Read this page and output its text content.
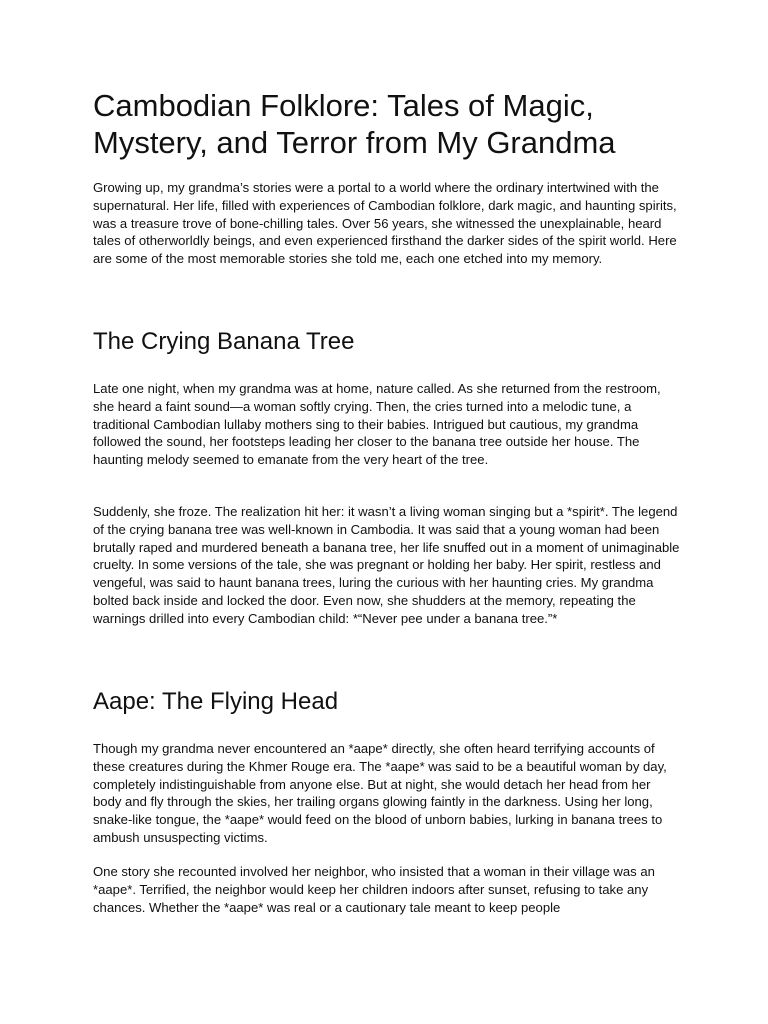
Cambodian Folklore: Tales of Magic, Mystery, and Terror from My Grandma

Growing up, my grandma’s stories were a portal to a world where the ordinary intertwined with the supernatural. Her life, filled with experiences of Cambodian folklore, dark magic, and haunting spirits, was a treasure trove of bone-chilling tales. Over 56 years, she witnessed the unexplainable, heard tales of otherworldly beings, and even experienced firsthand the darker sides of the spirit world. Here are some of the most memorable stories she told me, each one etched into my memory.

The Crying Banana Tree

Late one night, when my grandma was at home, nature called. As she returned from the restroom, she heard a faint sound—a woman softly crying. Then, the cries turned into a melodic tune, a traditional Cambodian lullaby mothers sing to their babies. Intrigued but cautious, my grandma followed the sound, her footsteps leading her closer to the banana tree outside her house. The haunting melody seemed to emanate from the very heart of the tree.

Suddenly, she froze. The realization hit her: it wasn’t a living woman singing but a *spirit*. The legend of the crying banana tree was well-known in Cambodia. It was said that a young woman had been brutally raped and murdered beneath a banana tree, her life snuffed out in a moment of unimaginable cruelty. In some versions of the tale, she was pregnant or holding her baby. Her spirit, restless and vengeful, was said to haunt banana trees, luring the curious with her haunting cries. My grandma bolted back inside and locked the door. Even now, she shudders at the memory, repeating the warnings drilled into every Cambodian child: *“Never pee under a banana tree.”*

Aape: The Flying Head

Though my grandma never encountered an *aape* directly, she often heard terrifying accounts of these creatures during the Khmer Rouge era. The *aape* was said to be a beautiful woman by day, completely indistinguishable from anyone else. But at night, she would detach her head from her body and fly through the skies, her trailing organs glowing faintly in the darkness. Using her long, snake-like tongue, the *aape* would feed on the blood of unborn babies, lurking in banana trees to ambush unsuspecting victims.

One story she recounted involved her neighbor, who insisted that a woman in their village was an *aape*. Terrified, the neighbor would keep her children indoors after sunset, refusing to take any chances. Whether the *aape* was real or a cautionary tale meant to keep people
